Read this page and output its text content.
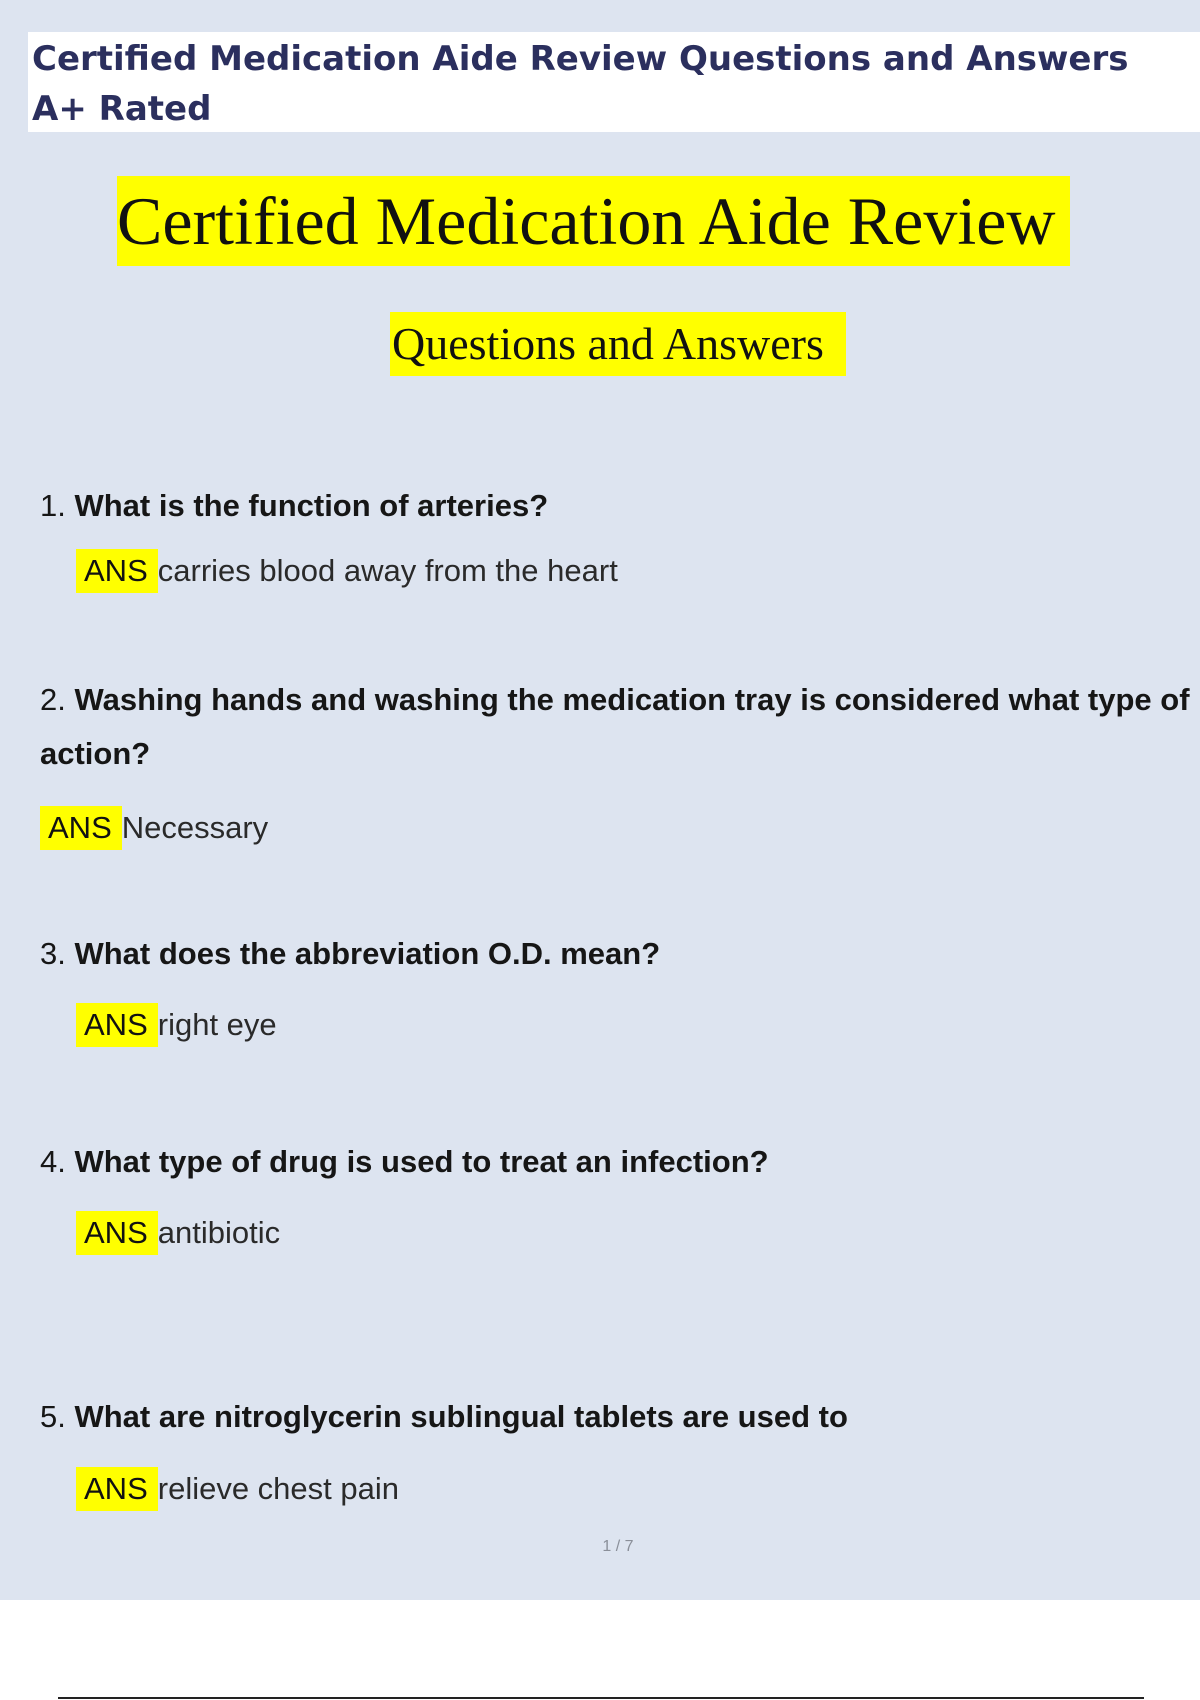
Certified Medication Aide Review Questions and Answers A+ Rated
Certified Medication Aide Review
Questions and Answers
1. What is the function of arteries?
ANS carries blood away from the heart
2. Washing hands and washing the medication tray is considered what type of action?
ANS Necessary
3. What does the abbreviation O.D. mean?
ANS right eye
4. What type of drug is used to treat an infection?
ANS antibiotic
5. What are nitroglycerin sublingual tablets are used to
ANS relieve chest pain
1 / 7
